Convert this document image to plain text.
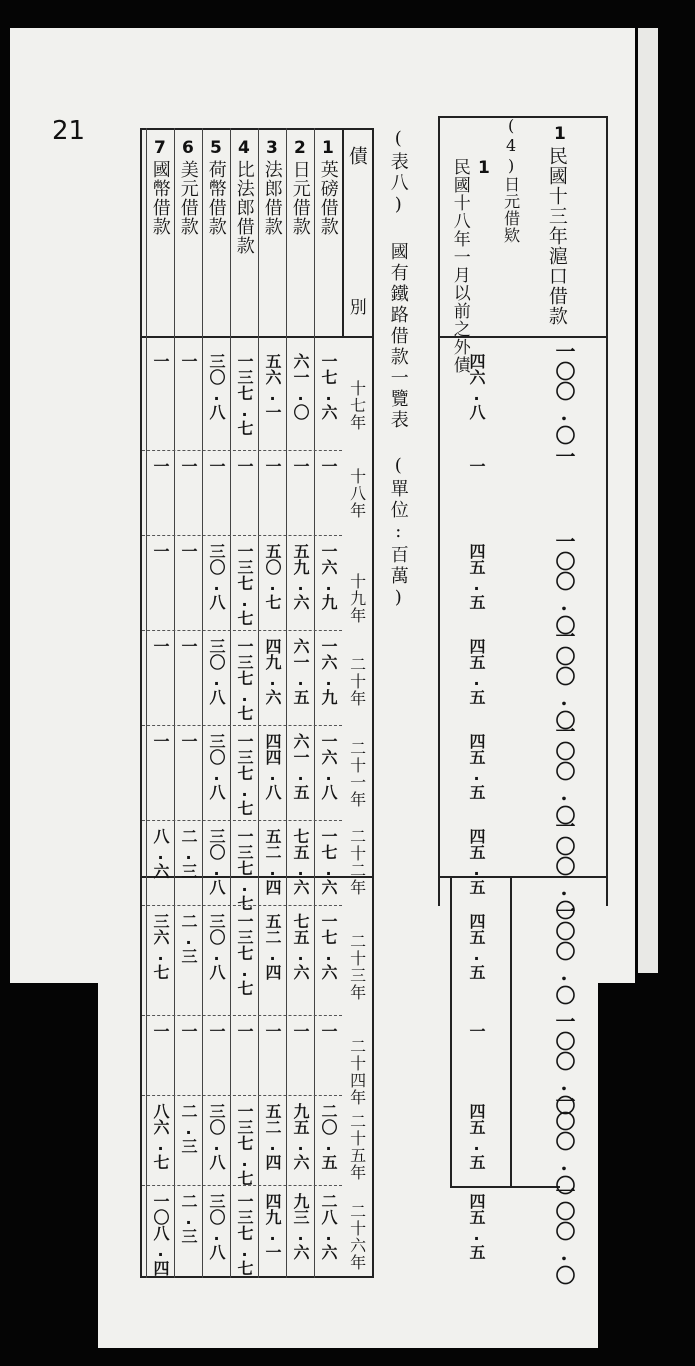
21	1
民國十三年滬口借款
(4)日元借欵
1
民國十八年一月以前之外債
一〇〇.〇
一
一〇〇.〇
一〇〇.〇
一〇〇.〇
一〇〇.〇
一〇〇.〇
一〇〇.〇
一〇〇.〇
一〇〇.〇
四六.八
一
四五.五
四五.五
四五.五
四五.五
四五.五
一
四五.五
四五.五
(表八) 國有鐵路借款一覽表 (單位:百萬)
債
別
1
英磅借款
2
日元借款
3
法郎借款
4
比法郎借款
5
荷幣借款
6
美元借款
7
國幣借款
十七年
十八年
十九年
二十年
二十一年
二十二年
二十三年
二十四年
二十五年
二十六年
一七.六
一
一六.九
一六.九
一六.八
一七.六
一七.六
一
二〇.五
二八.六
六一.〇
一
五九.六
六一.五
六一.五
七五.六
七五.六
一
九五.六
九三.六
五六.一
一
五〇.七
四九.六
四四.八
五二.四
五二.四
一
五二.四
四九.一
一三七.七
一
一三七.七
一三七.七
一三七.七
一三七.七
一三七.七
一
一三七.七
一三七.七
三〇.八
一
三〇.八
三〇.八
三〇.八
三〇.八
三〇.八
一
三〇.八
三〇.八
一
一
一
一
一
二.三
二.三
一
二.三
二.三
一
一
一
一
一
八.六
三六.七
一
八六.七
一〇八.四
